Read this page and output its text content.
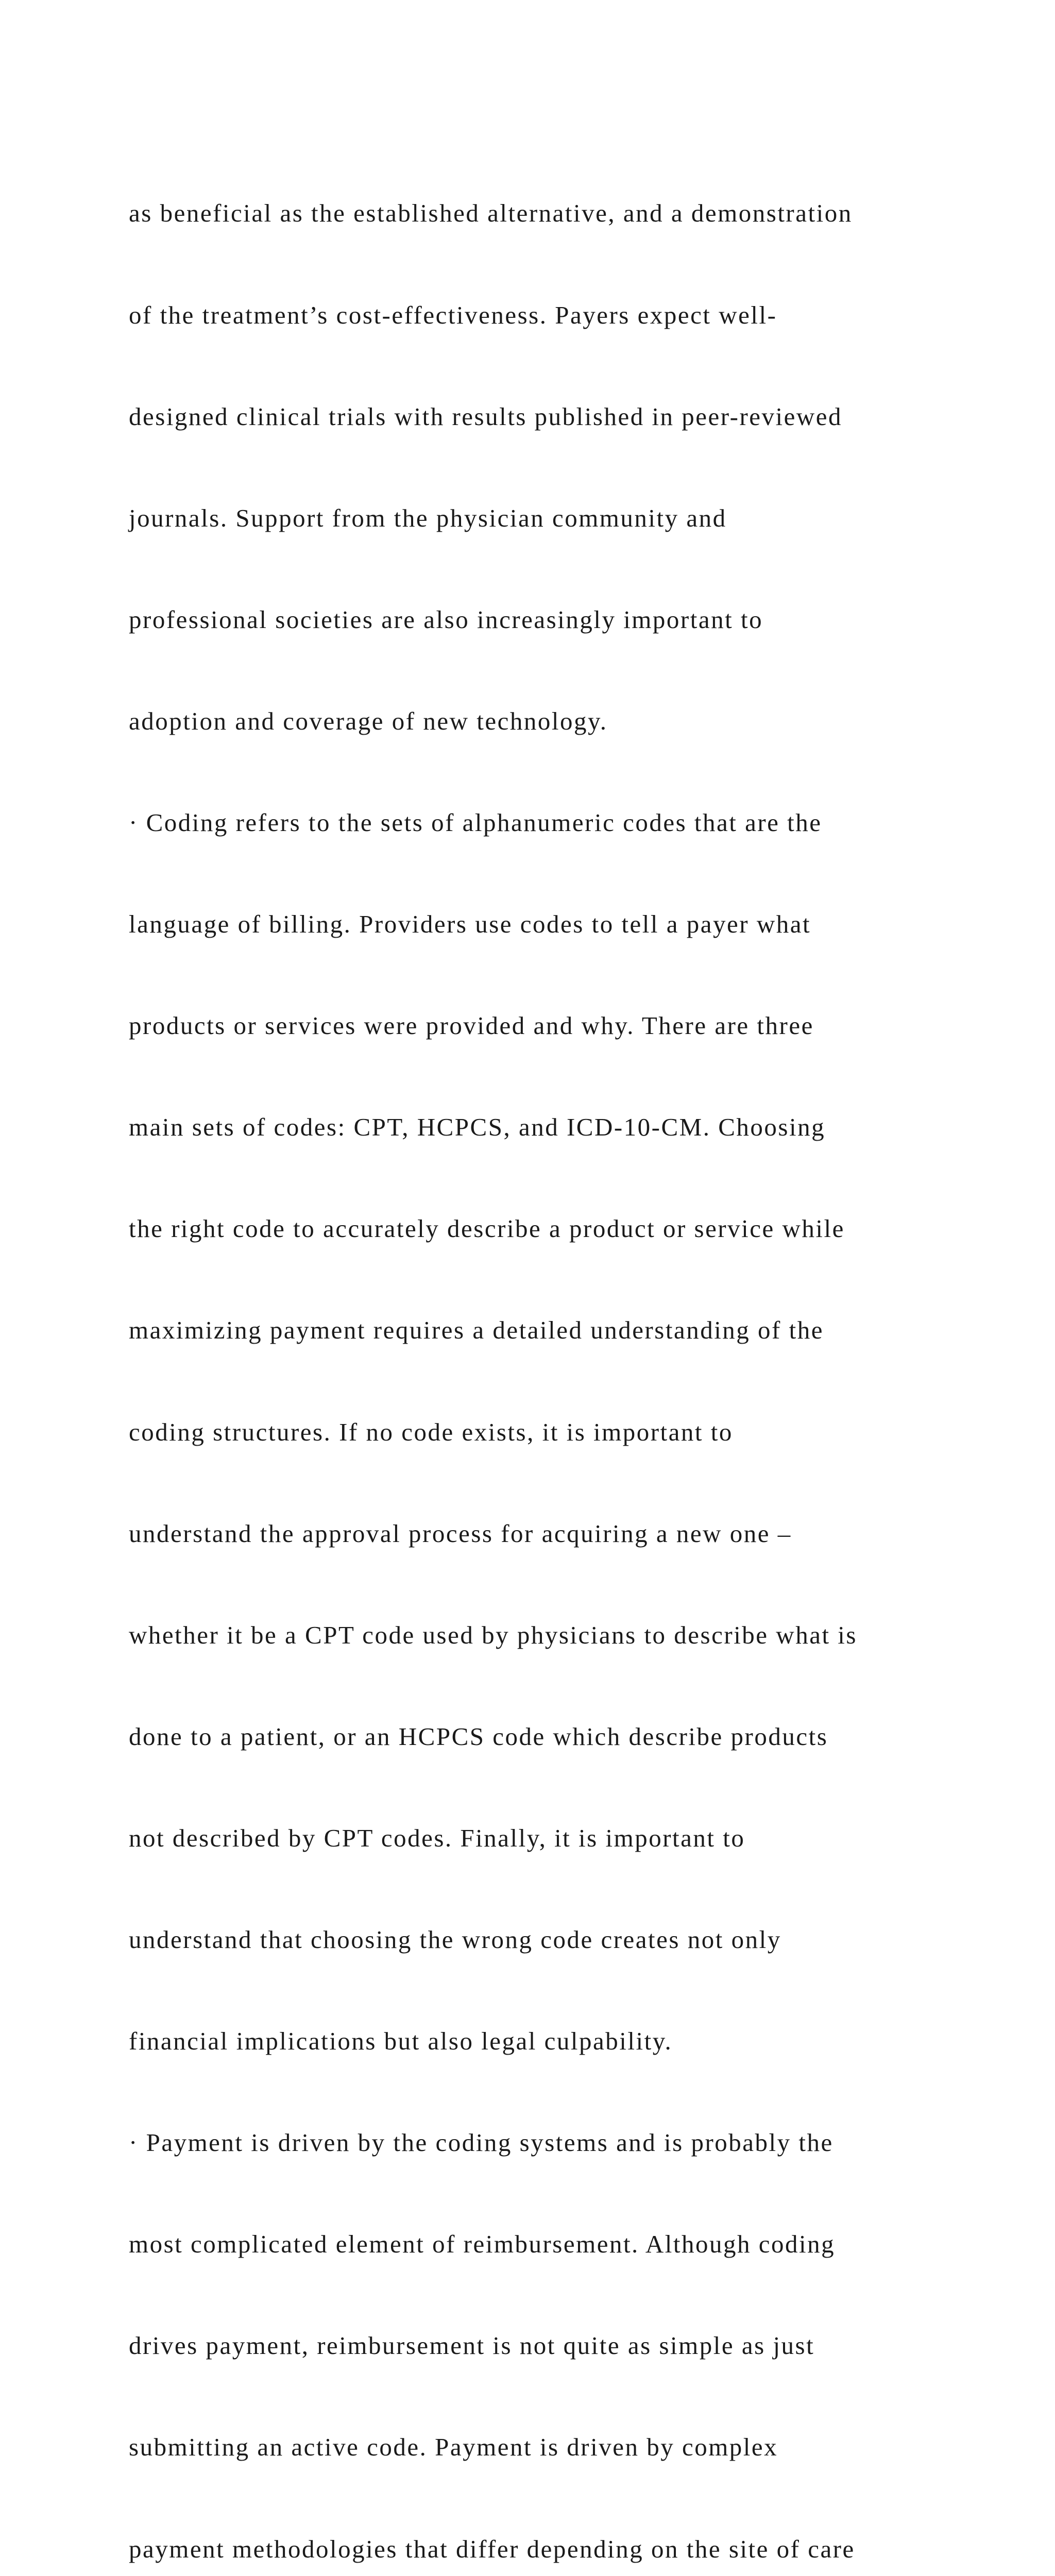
as beneficial as the established alternative, and a demonstration

of the treatment’s cost-effectiveness. Payers expect well-

designed clinical trials with results published in peer-reviewed

journals. Support from the physician community and

professional societies are also increasingly important to

adoption and coverage of new technology.

· Coding refers to the sets of alphanumeric codes that are the

language of billing. Providers use codes to tell a payer what

products or services were provided and why. There are three

main sets of codes: CPT, HCPCS, and ICD-10-CM. Choosing

the right code to accurately describe a product or service while

maximizing payment requires a detailed understanding of the

coding structures. If no code exists, it is important to

understand the approval process for acquiring a new one –

whether it be a CPT code used by physicians to describe what is

done to a patient, or an HCPCS code which describe products

not described by CPT codes. Finally, it is important to

understand that choosing the wrong code creates not only

financial implications but also legal culpability.

· Payment is driven by the coding systems and is probably the

most complicated element of reimbursement. Although coding

drives payment, reimbursement is not quite as simple as just

submitting an active code. Payment is driven by complex

payment methodologies that differ depending on the site of care
